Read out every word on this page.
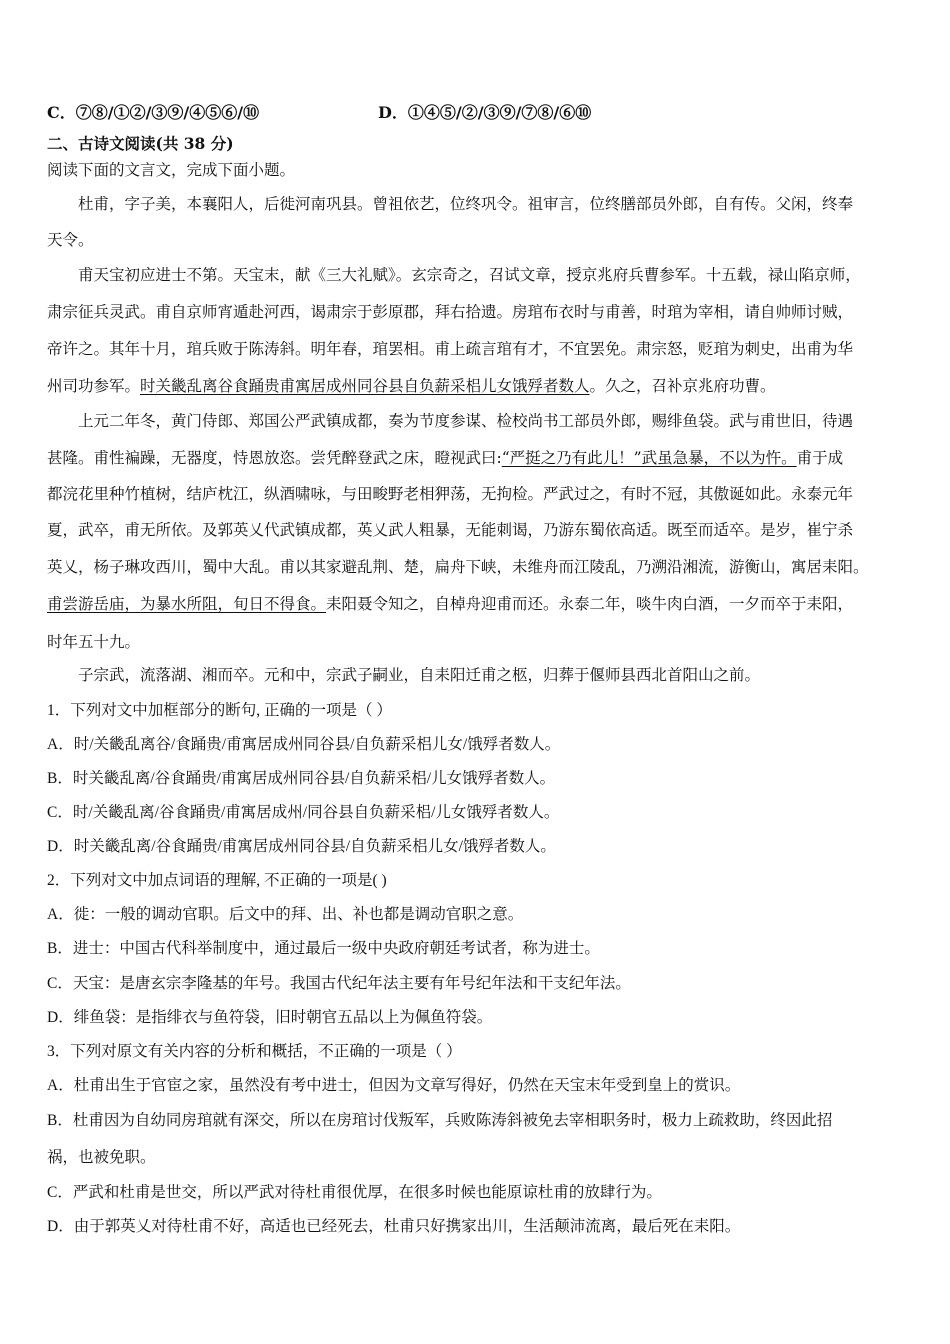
C．⑦⑧/①②/③⑨/④⑤⑥/⑩	D．①④⑤/②/③⑨/⑦⑧/⑥⑩
二、古诗文阅读(共 38 分)
阅读下面的文言文，完成下面小题。
杜甫，字子美，本襄阳人，后徙河南巩县。曾祖依艺，位终巩令。祖审言，位终膳部员外郎，自有传。父闲，终奉
天令。
甫天宝初应进士不第。天宝末，献《三大礼赋》。玄宗奇之，召试文章，授京兆府兵曹参军。十五载，禄山陷京师，
肃宗征兵灵武。甫自京师宵遁赴河西，谒肃宗于彭原郡，拜右拾遗。房琯布衣时与甫善，时琯为宰相，请自帅师讨贼，
帝许之。其年十月，琯兵败于陈涛斜。明年春，琯罢相。甫上疏言琯有才，不宜罢免。肃宗怒，贬琯为刺史，出甫为华
州司功参军。时关畿乱离谷食踊贵甫寓居成州同谷县自负薪采梠儿女饿殍者数人。久之，召补京兆府功曹。
上元二年冬，黄门侍郎、郑国公严武镇成都，奏为节度参谋、检校尚书工部员外郎，赐绯鱼袋。武与甫世旧，待遇
甚隆。甫性褊躁，无器度，恃恩放恣。尝凭醉登武之床，瞪视武曰:“严挺之乃有此儿！”武虽急暴，不以为忤。甫于成
都浣花里种竹植树，结庐枕江，纵酒啸咏，与田畯野老相狎荡，无拘检。严武过之，有时不冠，其傲诞如此。永泰元年
夏，武卒，甫无所依。及郭英乂代武镇成都，英乂武人粗暴，无能刺谒，乃游东蜀依高适。既至而适卒。是岁，崔宁杀
英乂，杨子琳攻西川，蜀中大乱。甫以其家避乱荆、楚，扁舟下峡，未维舟而江陵乱，乃溯沿湘流，游衡山，寓居耒阳。
甫尝游岳庙，为暴水所阻，旬日不得食。耒阳聂令知之，自棹舟迎甫而还。永泰二年，啖牛肉白酒，一夕而卒于耒阳，
时年五十九。
子宗武，流落湖、湘而卒。元和中，宗武子嗣业，自耒阳迁甫之柩，归葬于偃师县西北首阳山之前。
1．下列对文中加框部分的断句, 正确的一项是（ ）
A．时/关畿乱离谷/食踊贵/甫寓居成州同谷县/自负薪采梠儿女/饿殍者数人。
B．时关畿乱离/谷食踊贵/甫寓居成州同谷县/自负薪采梠/儿女饿殍者数人。
C．时/关畿乱离/谷食踊贵/甫寓居成州/同谷县自负薪采梠/儿女饿殍者数人。
D．时关畿乱离/谷食踊贵/甫寓居成州同谷县/自负薪采梠儿女/饿殍者数人。
2．下列对文中加点词语的理解, 不正确的一项是( )
A．徙：一般的调动官职。后文中的拜、出、补也都是调动官职之意。
B．进士：中国古代科举制度中，通过最后一级中央政府朝廷考试者，称为进士。
C．天宝：是唐玄宗李隆基的年号。我国古代纪年法主要有年号纪年法和干支纪年法。
D．绯鱼袋：是指绯衣与鱼符袋，旧时朝官五品以上为佩鱼符袋。
3．下列对原文有关内容的分析和概括，不正确的一项是（ ）
A．杜甫出生于官宦之家，虽然没有考中进士，但因为文章写得好，仍然在天宝末年受到皇上的赏识。
B．杜甫因为自幼同房琯就有深交，所以在房琯讨伐叛军，兵败陈涛斜被免去宰相职务时，极力上疏救助，终因此招
祸，也被免职。
C．严武和杜甫是世交，所以严武对待杜甫很优厚，在很多时候也能原谅杜甫的放肆行为。
D．由于郭英乂对待杜甫不好，高适也已经死去，杜甫只好携家出川，生活颠沛流离，最后死在耒阳。
